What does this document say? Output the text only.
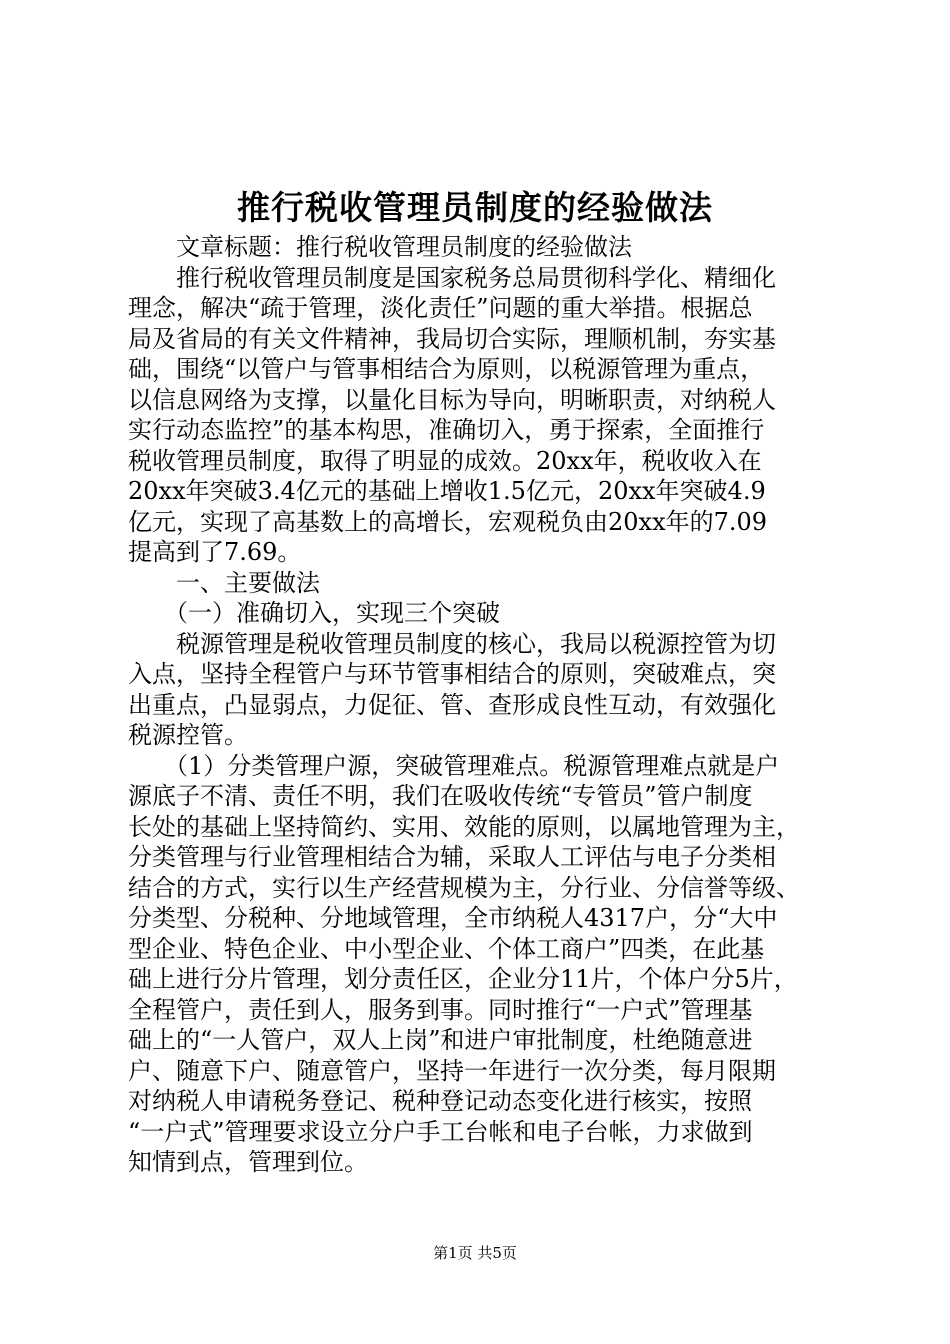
推行税收管理员制度的经验做法
　　文章标题：推行税收管理员制度的经验做法
　　推行税收管理员制度是国家税务总局贯彻科学化、精细化
理念，解决“疏于管理，淡化责任”问题的重大举措。根据总
局及省局的有关文件精神，我局切合实际，理顺机制，夯实基
础，围绕“以管户与管事相结合为原则，以税源管理为重点，
以信息网络为支撑，以量化目标为导向，明晰职责，对纳税人
实行动态监控”的基本构思，准确切入，勇于探索，全面推行
税收管理员制度，取得了明显的成效。20xx年，税收收入在
20xx年突破3.4亿元的基础上增收1.5亿元，20xx年突破4.9
亿元，实现了高基数上的高增长，宏观税负由20xx年的7.09
提高到了7.69。
　　一、主要做法
　　（一）准确切入，实现三个突破
　　税源管理是税收管理员制度的核心，我局以税源控管为切
入点，坚持全程管户与环节管事相结合的原则，突破难点，突
出重点，凸显弱点，力促征、管、查形成良性互动，有效强化
税源控管。
　　（1）分类管理户源，突破管理难点。税源管理难点就是户
源底子不清、责任不明，我们在吸收传统“专管员”管户制度
长处的基础上坚持简约、实用、效能的原则，以属地管理为主，
分类管理与行业管理相结合为辅，采取人工评估与电子分类相
结合的方式，实行以生产经营规模为主，分行业、分信誉等级、
分类型、分税种、分地域管理，全市纳税人4317户，分“大中
型企业、特色企业、中小型企业、个体工商户”四类，在此基
础上进行分片管理，划分责任区，企业分11片，个体户分5片，
全程管户，责任到人，服务到事。同时推行“一户式”管理基
础上的“一人管户，双人上岗”和进户审批制度，杜绝随意进
户、随意下户、随意管户，坚持一年进行一次分类，每月限期
对纳税人申请税务登记、税种登记动态变化进行核实，按照
“一户式”管理要求设立分户手工台帐和电子台帐，力求做到
知情到点，管理到位。
第1页 共5页
